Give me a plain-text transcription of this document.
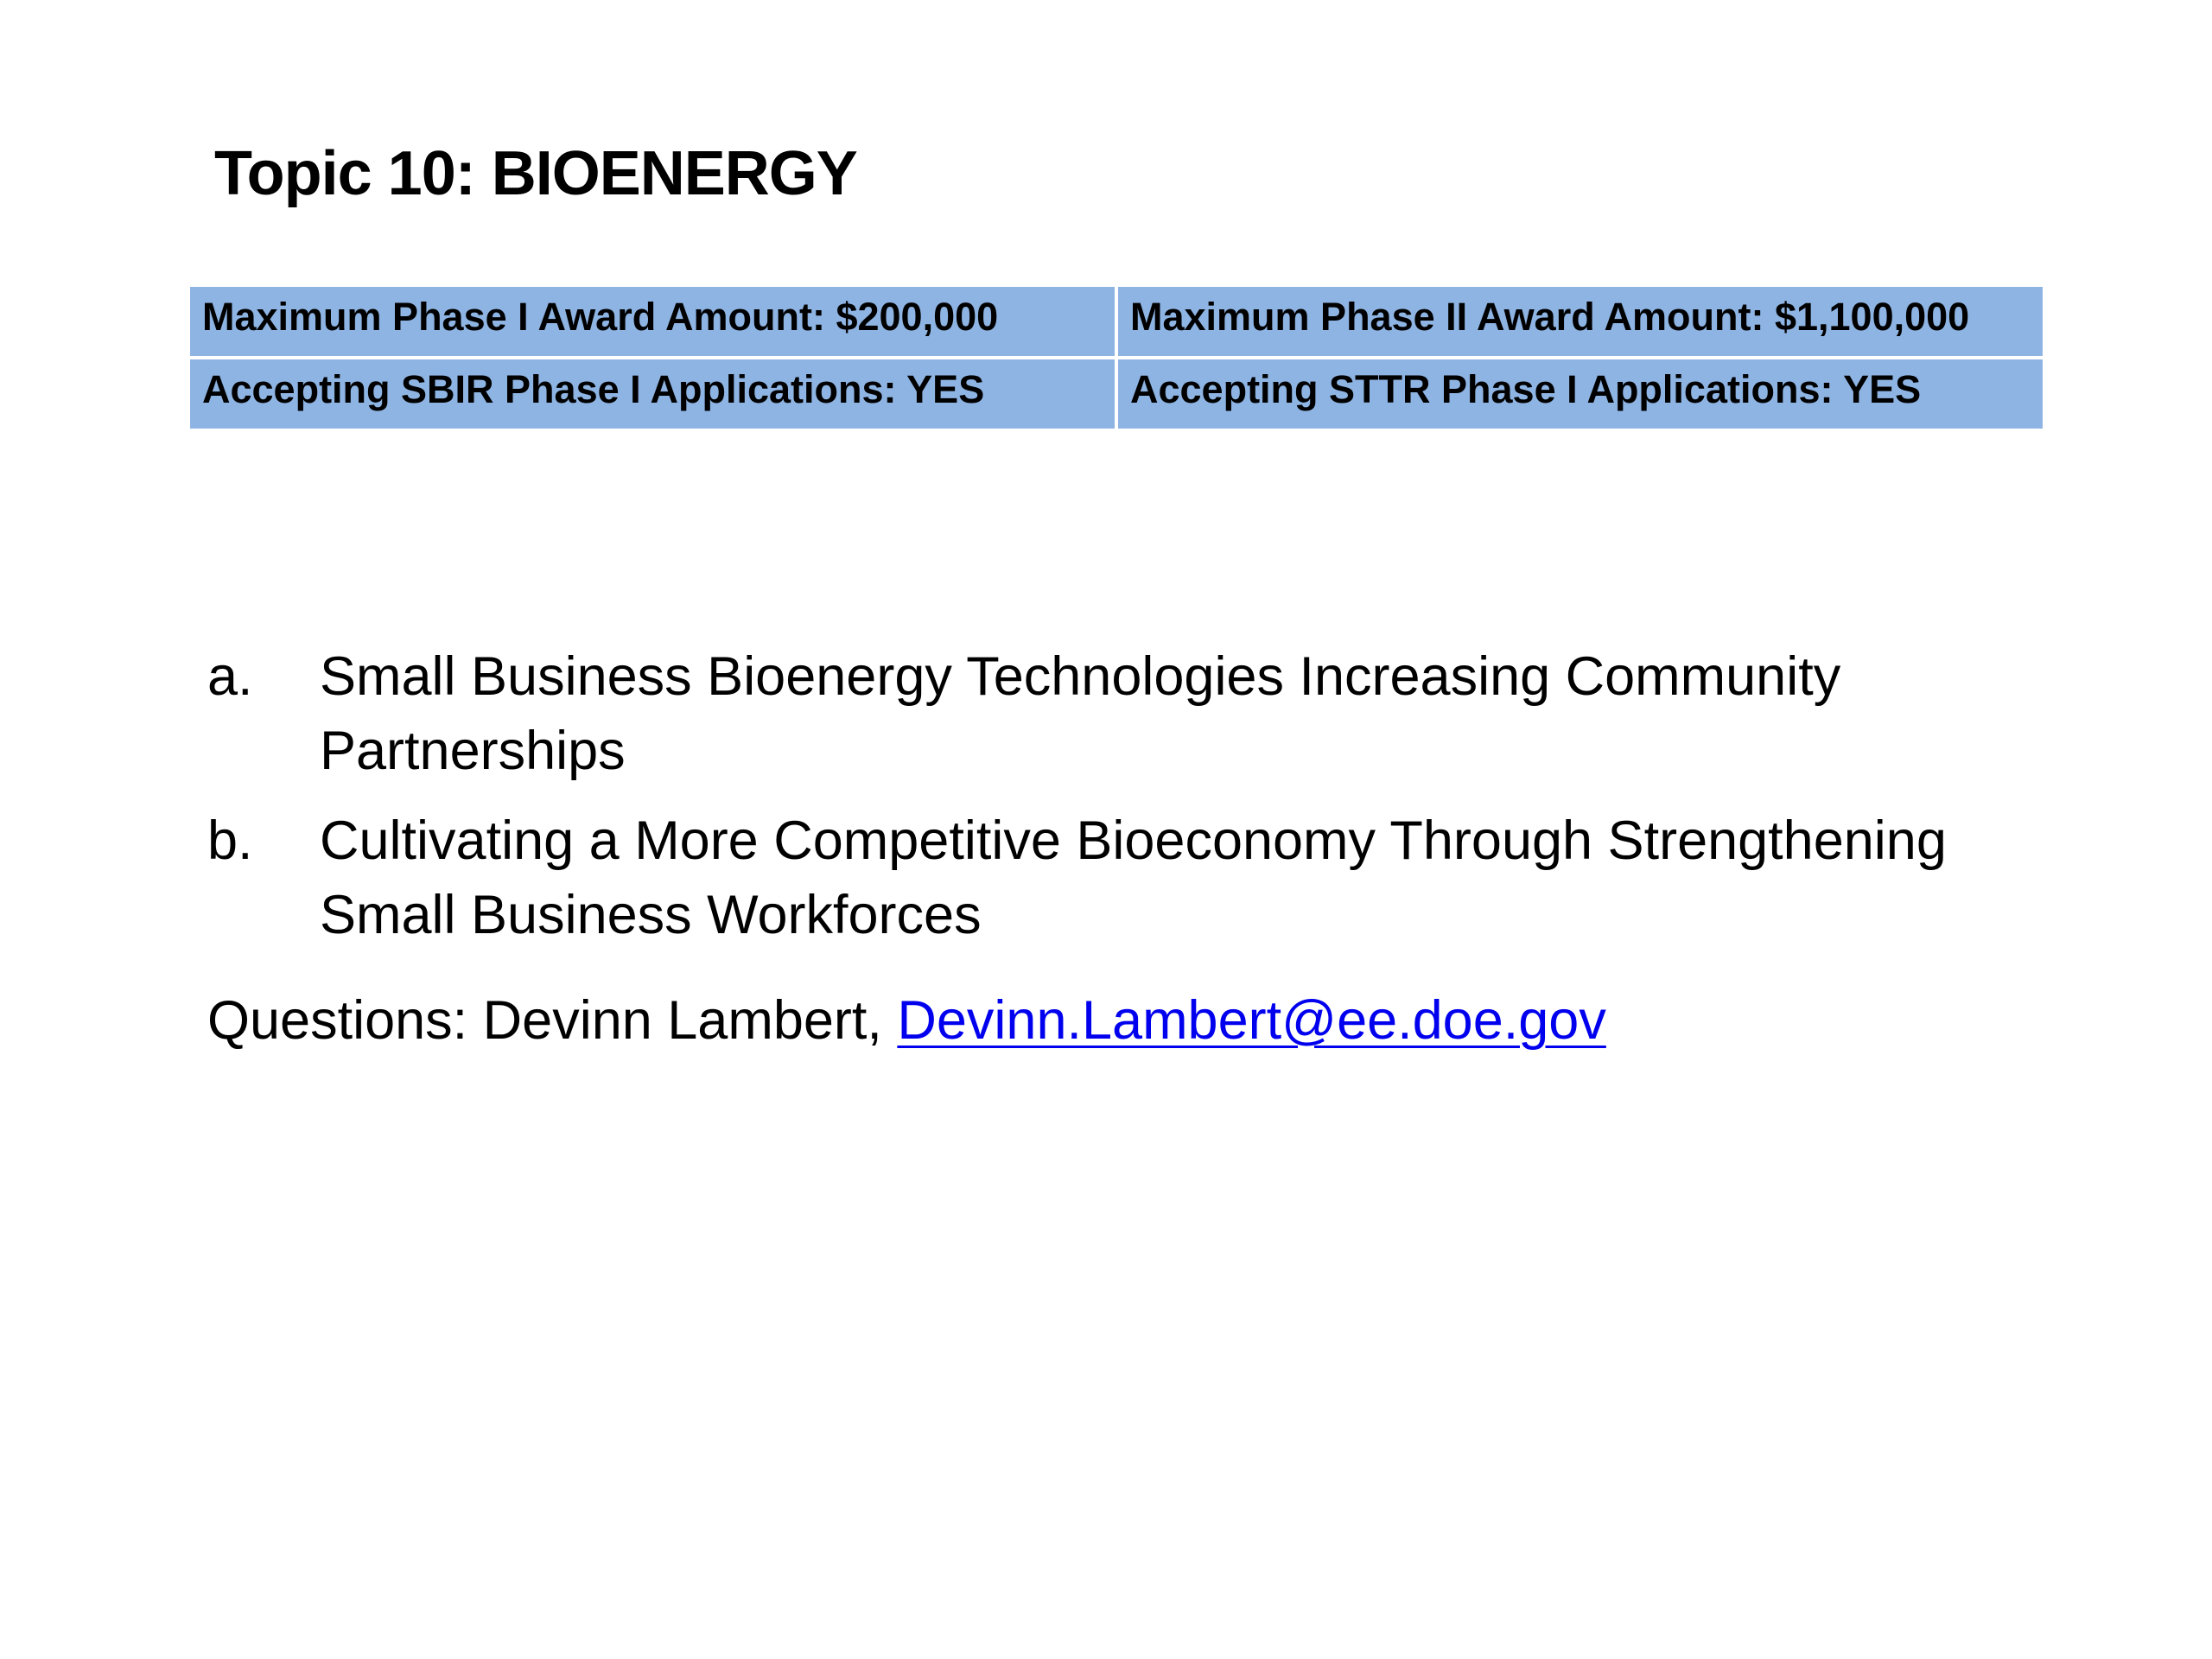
Topic 10: BIOENERGY
Maximum Phase I Award Amount: $200,000	Maximum Phase II Award Amount: $1,100,000
Accepting SBIR Phase I Applications: YES	Accepting STTR Phase I Applications: YES
a.	Small Business Bioenergy Technologies Increasing Community Partnerships
b.	Cultivating a More Competitive Bioeconomy Through Strengthening Small Business Workforces
Questions: Devinn Lambert, Devinn.Lambert@ee.doe.gov
